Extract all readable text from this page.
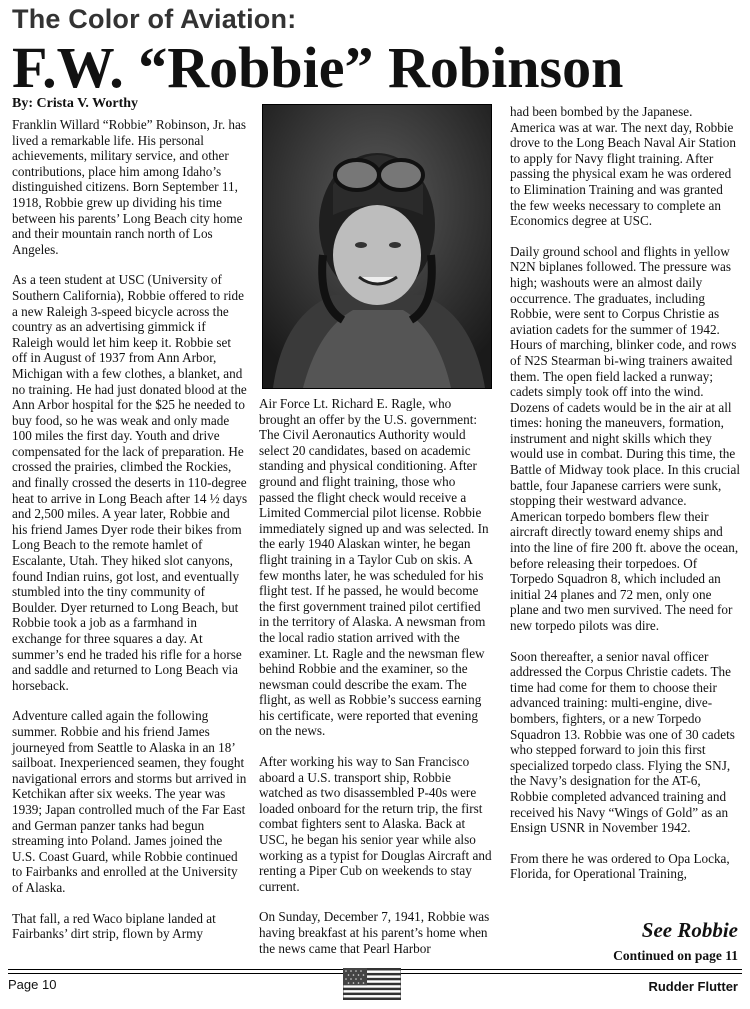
The Color of Aviation:
F.W. “Robbie” Robinson
By: Crista V. Worthy

Franklin Willard “Robbie” Robinson, Jr. has lived a remarkable life. His personal achievements, military service, and other contributions, place him among Idaho’s distinguished citizens. Born September 11, 1918, Robbie grew up dividing his time between his parents’ Long Beach city home and their mountain ranch north of Los Angeles.

As a teen student at USC (University of Southern California), Robbie offered to ride a new Raleigh 3-speed bicycle across the country as an advertising gimmick if Raleigh would let him keep it. Robbie set off in August of 1937 from Ann Arbor, Michigan with a few clothes, a blanket, and no training. He had just donated blood at the Ann Arbor hospital for the $25 he needed to buy food, so he was weak and only made 100 miles the first day. Youth and drive compensated for the lack of preparation. He crossed the prairies, climbed the Rockies, and finally crossed the deserts in 110-degree heat to arrive in Long Beach after 14 ½ days and 2,500 miles. A year later, Robbie and his friend James Dyer rode their bikes from Long Beach to the remote hamlet of Escalante, Utah. They hiked slot canyons, found Indian ruins, got lost, and eventually stumbled into the tiny community of Boulder. Dyer returned to Long Beach, but Robbie took a job as a farmhand in exchange for three squares a day. At summer’s end he traded his rifle for a horse and saddle and returned to Long Beach via horseback.

Adventure called again the following summer. Robbie and his friend James journeyed from Seattle to Alaska in an 18’ sailboat. Inexperienced seamen, they fought navigational errors and storms but arrived in Ketchikan after six weeks. The year was 1939; Japan controlled much of the Far East and German panzer tanks had begun streaming into Poland. James joined the U.S. Coast Guard, while Robbie continued to Fairbanks and enrolled at the University of Alaska.

That fall, a red Waco biplane landed at Fairbanks’ dirt strip, flown by Army

Air Force Lt. Richard E. Ragle, who brought an offer by the U.S. government: The Civil Aeronautics Authority would select 20 candidates, based on academic standing and physical conditioning. After ground and flight training, those who passed the flight check would receive a Limited Commercial pilot license. Robbie immediately signed up and was selected. In the early 1940 Alaskan winter, he began flight training in a Taylor Cub on skis. A few months later, he was scheduled for his flight test. If he passed, he would become the first government trained pilot certified in the territory of Alaska. A newsman from the local radio station arrived with the examiner. Lt. Ragle and the newsman flew behind Robbie and the examiner, so the newsman could describe the exam. The flight, as well as Robbie’s success earning his certificate, were reported that evening on the news.

After working his way to San Francisco aboard a U.S. transport ship, Robbie watched as two disassembled P-40s were loaded onboard for the return trip, the first combat fighters sent to Alaska. Back at USC, he began his senior year while also working as a typist for Douglas Aircraft and renting a Piper Cub on weekends to stay current.

On Sunday, December 7, 1941, Robbie was having breakfast at his parent’s home when the news came that Pearl Harbor

had been bombed by the Japanese. America was at war. The next day, Robbie drove to the Long Beach Naval Air Station to apply for Navy flight training. After passing the physical exam he was ordered to Elimination Training and was granted the few weeks necessary to complete an Economics degree at USC.

Daily ground school and flights in yellow N2N biplanes followed. The pressure was high; washouts were an almost daily occurrence. The graduates, including Robbie, were sent to Corpus Christie as aviation cadets for the summer of 1942. Hours of marching, blinker code, and rows of N2S Stearman bi-wing trainers awaited them. The open field lacked a runway; cadets simply took off into the wind. Dozens of cadets would be in the air at all times: honing the maneuvers, formation, instrument and night skills which they would use in combat. During this time, the Battle of Midway took place. In this crucial battle, four Japanese carriers were sunk, stopping their westward advance. American torpedo bombers flew their aircraft directly toward enemy ships and into the line of fire 200 ft. above the ocean, before releasing their torpedoes. Of Torpedo Squadron 8, which included an initial 24 planes and 72 men, only one plane and two men survived. The need for new torpedo pilots was dire.

Soon thereafter, a senior naval officer addressed the Corpus Christie cadets. The time had come for them to choose their advanced training: multi-engine, dive-bombers, fighters, or a new Torpedo Squadron 13. Robbie was one of 30 cadets who stepped forward to join this first specialized torpedo class. Flying the SNJ, the Navy’s designation for the AT-6, Robbie completed advanced training and received his Navy “Wings of Gold” as an Ensign USNR in November 1942.

From there he was ordered to Opa Locka, Florida, for Operational Training,

See Robbie
Continued on page 11
Page 10	Rudder Flutter
